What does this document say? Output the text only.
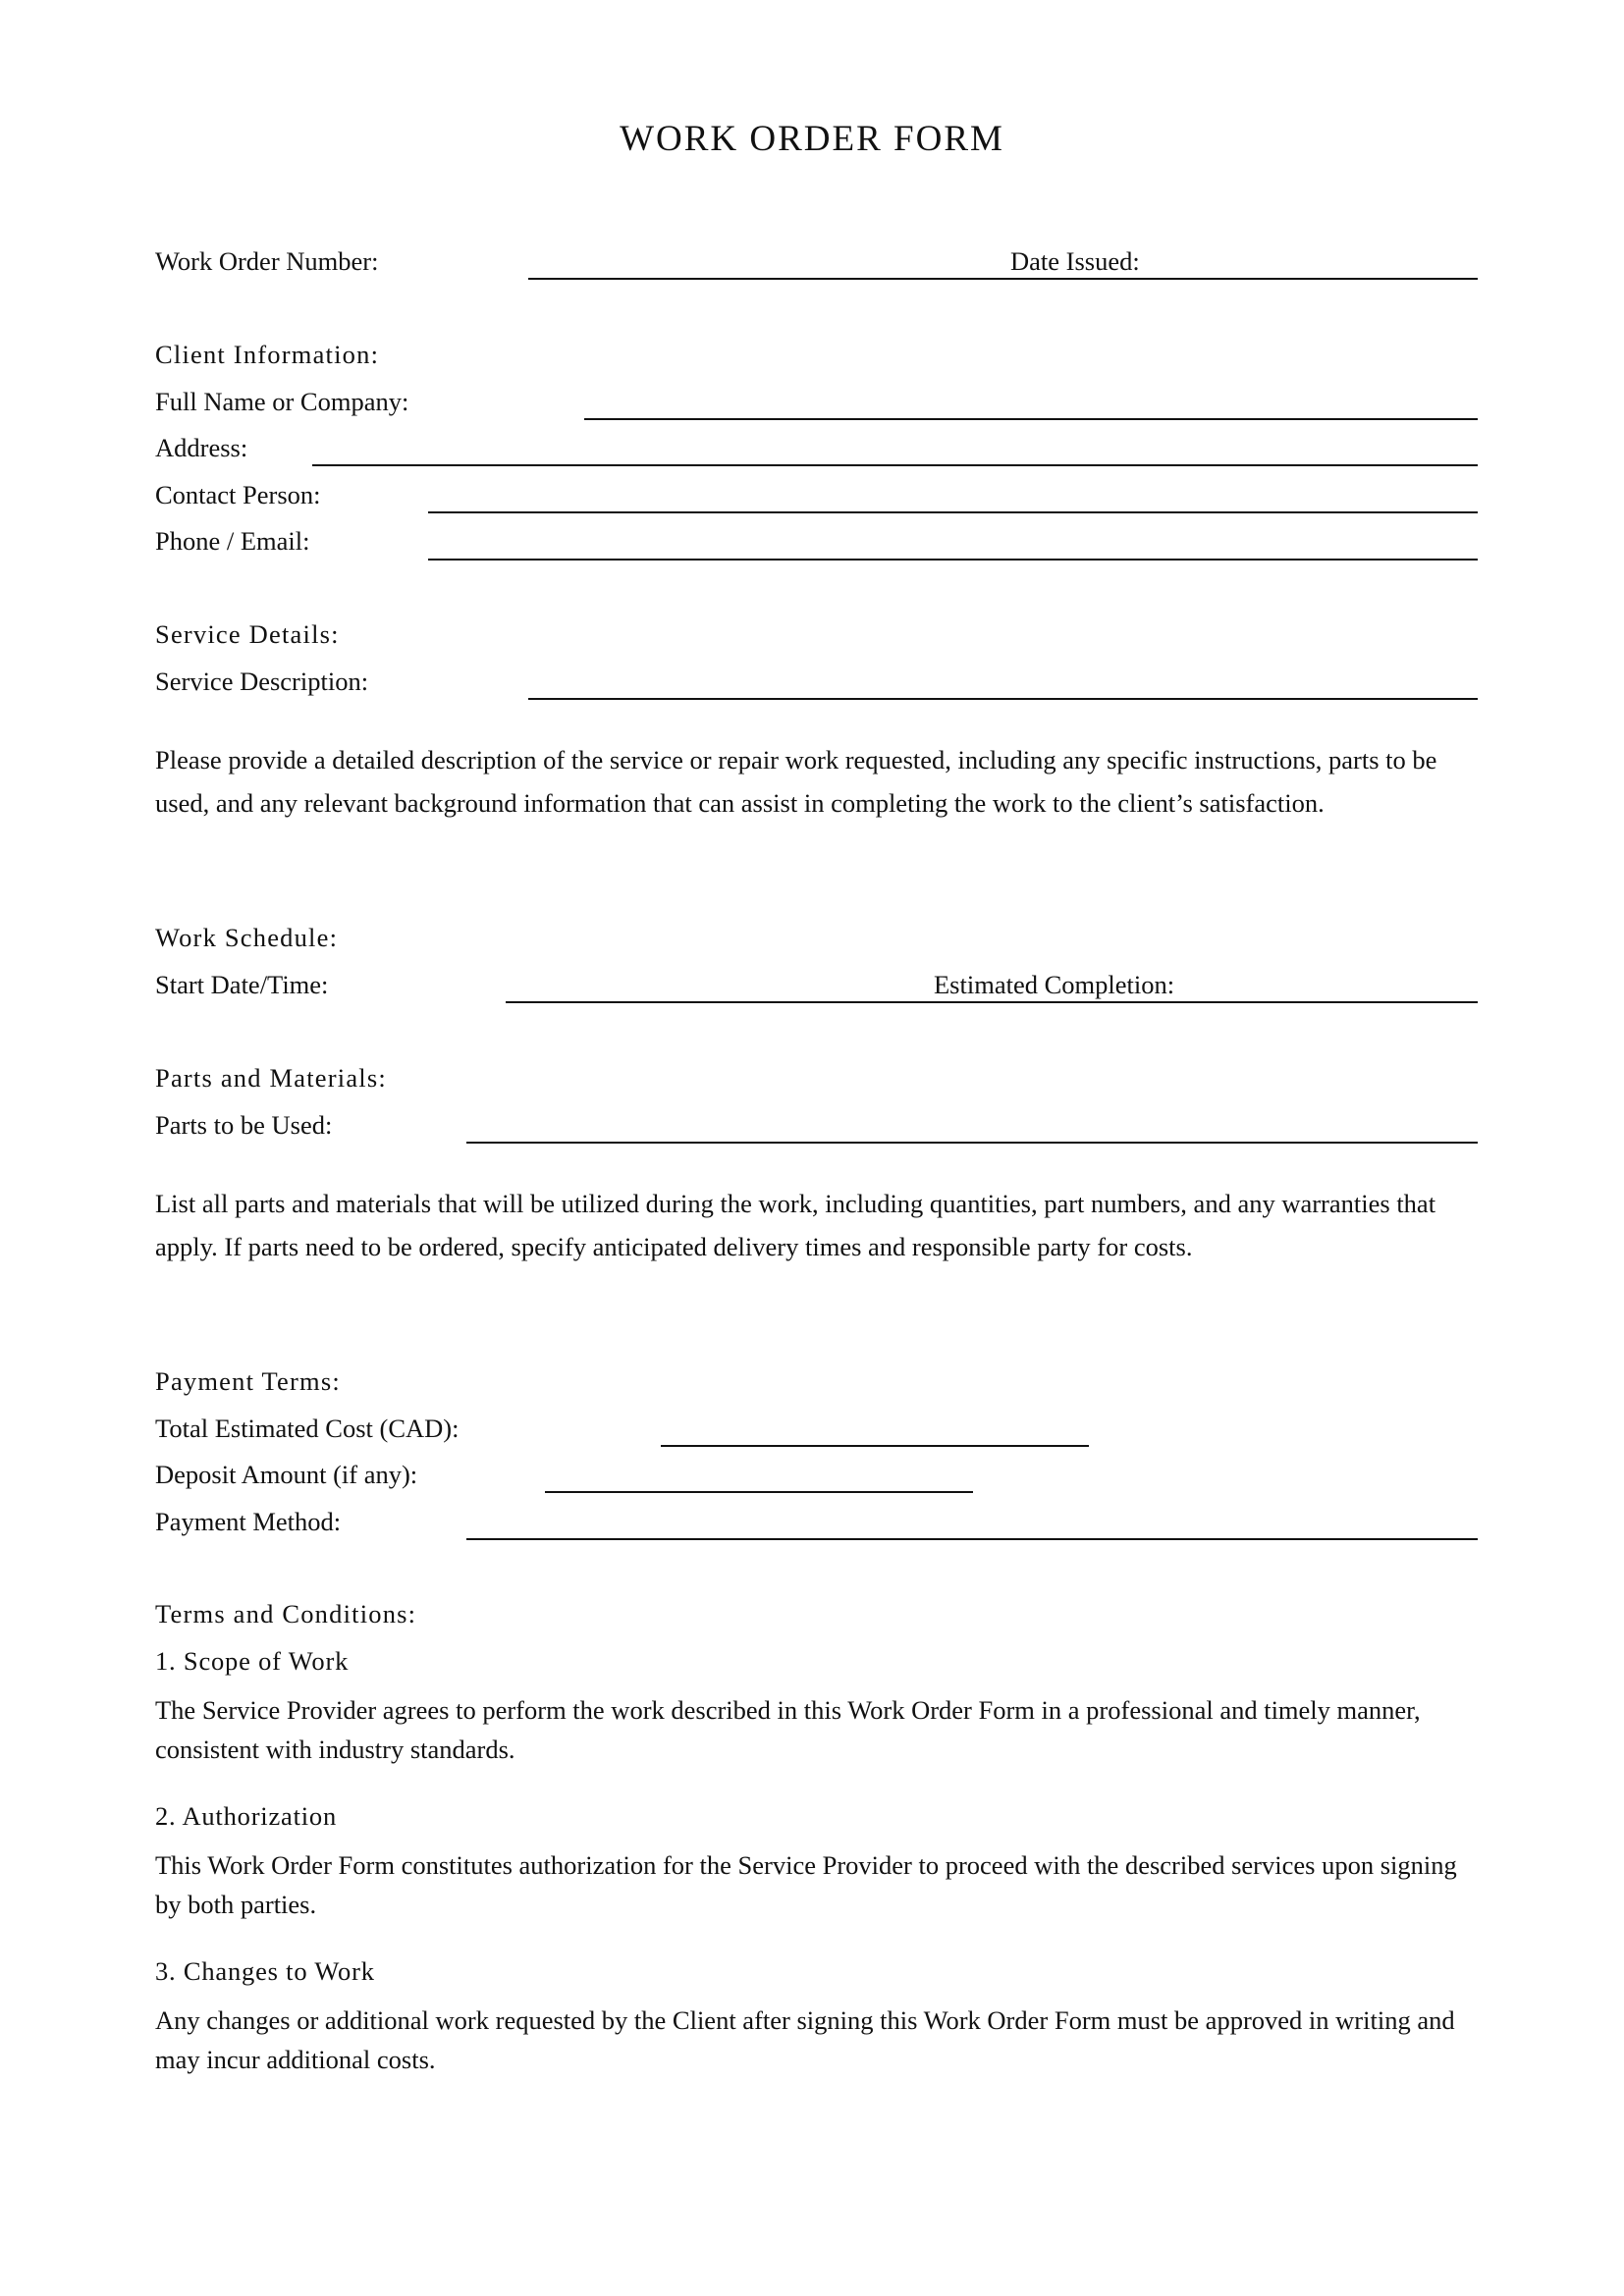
WORK ORDER FORM
Work Order Number:	Date Issued:
Client Information:
Full Name or Company:
Address:
Contact Person:
Phone / Email:
Service Details:
Service Description:
Please provide a detailed description of the service or repair work requested, including any specific instructions, parts to be used, and any relevant background information that can assist in completing the work to the client’s satisfaction.
Work Schedule:
Start Date/Time:	Estimated Completion:
Parts and Materials:
Parts to be Used:
List all parts and materials that will be utilized during the work, including quantities, part numbers, and any warranties that apply. If parts need to be ordered, specify anticipated delivery times and responsible party for costs.
Payment Terms:
Total Estimated Cost (CAD):
Deposit Amount (if any):
Payment Method:
Terms and Conditions:
1. Scope of Work
The Service Provider agrees to perform the work described in this Work Order Form in a professional and timely manner, consistent with industry standards.
2. Authorization
This Work Order Form constitutes authorization for the Service Provider to proceed with the described services upon signing by both parties.
3. Changes to Work
Any changes or additional work requested by the Client after signing this Work Order Form must be approved in writing and may incur additional costs.
